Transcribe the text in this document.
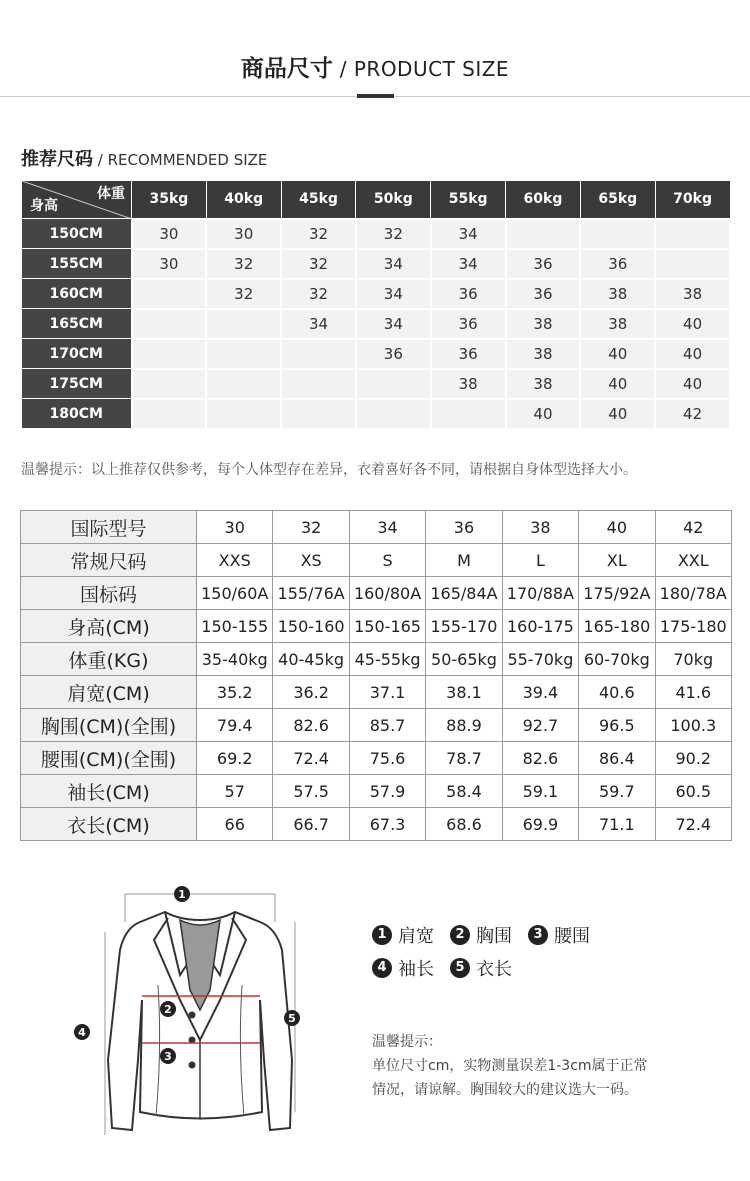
商品尺寸 / PRODUCT SIZE
推荐尺码 / RECOMMENDED SIZE
体重
身高	35kg	40kg	45kg	50kg	55kg	60kg	65kg	70kg
150CM	30	30	32	32	34			
155CM	30	32	32	34	34	36	36	
160CM		32	32	34	36	36	38	38
165CM			34	34	36	38	38	40
170CM				36	36	38	40	40
175CM					38	38	40	40
180CM						40	40	42
温馨提示：以上推荐仅供参考，每个人体型存在差异，衣着喜好各不同，请根据自身体型选择大小。
国际型号	30	32	34	36	38	40	42
常规尺码	XXS	XS	S	M	L	XL	XXL
国标码	150/60A	155/76A	160/80A	165/84A	170/88A	175/92A	180/78A
身高(CM)	150-155	150-160	150-165	155-170	160-175	165-180	175-180
体重(KG)	35-40kg	40-45kg	45-55kg	50-65kg	55-70kg	60-70kg	70kg
肩宽(CM)	35.2	36.2	37.1	38.1	39.4	40.6	41.6
胸围(CM)(全围)	79.4	82.6	85.7	88.9	92.7	96.5	100.3
腰围(CM)(全围)	69.2	72.4	75.6	78.7	82.6	86.4	90.2
袖长(CM)	57	57.5	57.9	58.4	59.1	59.7	60.5
衣长(CM)	66	66.7	67.3	68.6	69.9	71.1	72.4
1
2
3
4
5
1 肩宽	2 胸围	3 腰围
4 袖长	5 衣长
温馨提示：
单位尺寸cm，实物测量误差1-3cm属于正常
情况，请谅解。胸围较大的建议选大一码。
